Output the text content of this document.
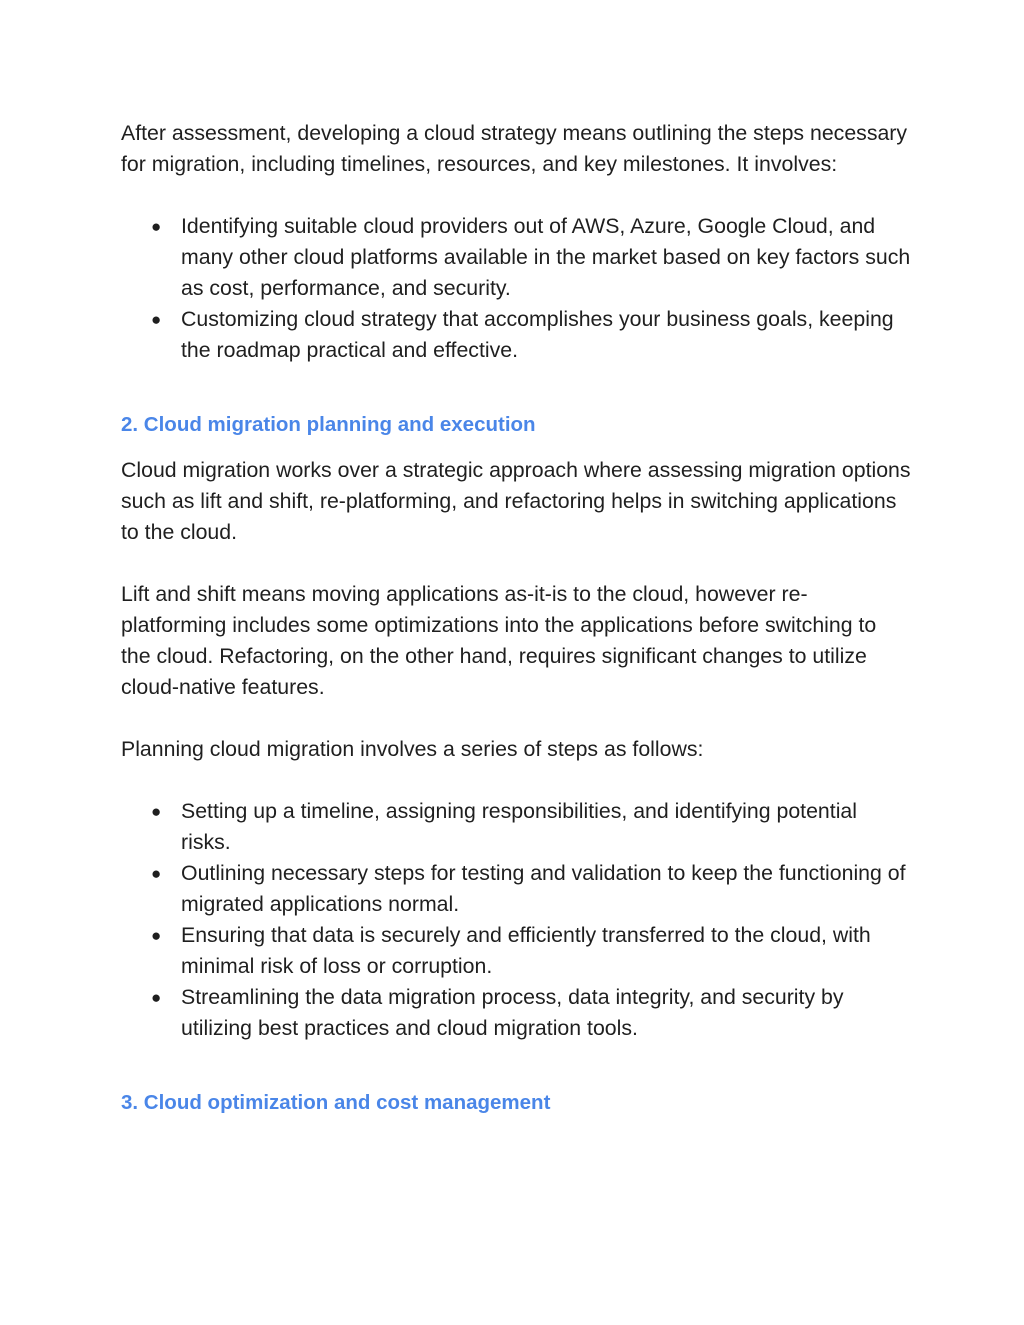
After assessment, developing a cloud strategy means outlining the steps necessary for migration, including timelines, resources, and key milestones. It involves:

● Identifying suitable cloud providers out of AWS, Azure, Google Cloud, and many other cloud platforms available in the market based on key factors such as cost, performance, and security.
● Customizing cloud strategy that accomplishes your business goals, keeping the roadmap practical and effective.
2. Cloud migration planning and execution

Cloud migration works over a strategic approach where assessing migration options such as lift and shift, re-platforming, and refactoring helps in switching applications to the cloud.

Lift and shift means moving applications as-it-is to the cloud, however re-platforming includes some optimizations into the applications before switching to the cloud. Refactoring, on the other hand, requires significant changes to utilize cloud-native features.

Planning cloud migration involves a series of steps as follows:

● Setting up a timeline, assigning responsibilities, and identifying potential risks.
● Outlining necessary steps for testing and validation to keep the functioning of migrated applications normal.
● Ensuring that data is securely and efficiently transferred to the cloud, with minimal risk of loss or corruption.
● Streamlining the data migration process, data integrity, and security by utilizing best practices and cloud migration tools.
3. Cloud optimization and cost management
